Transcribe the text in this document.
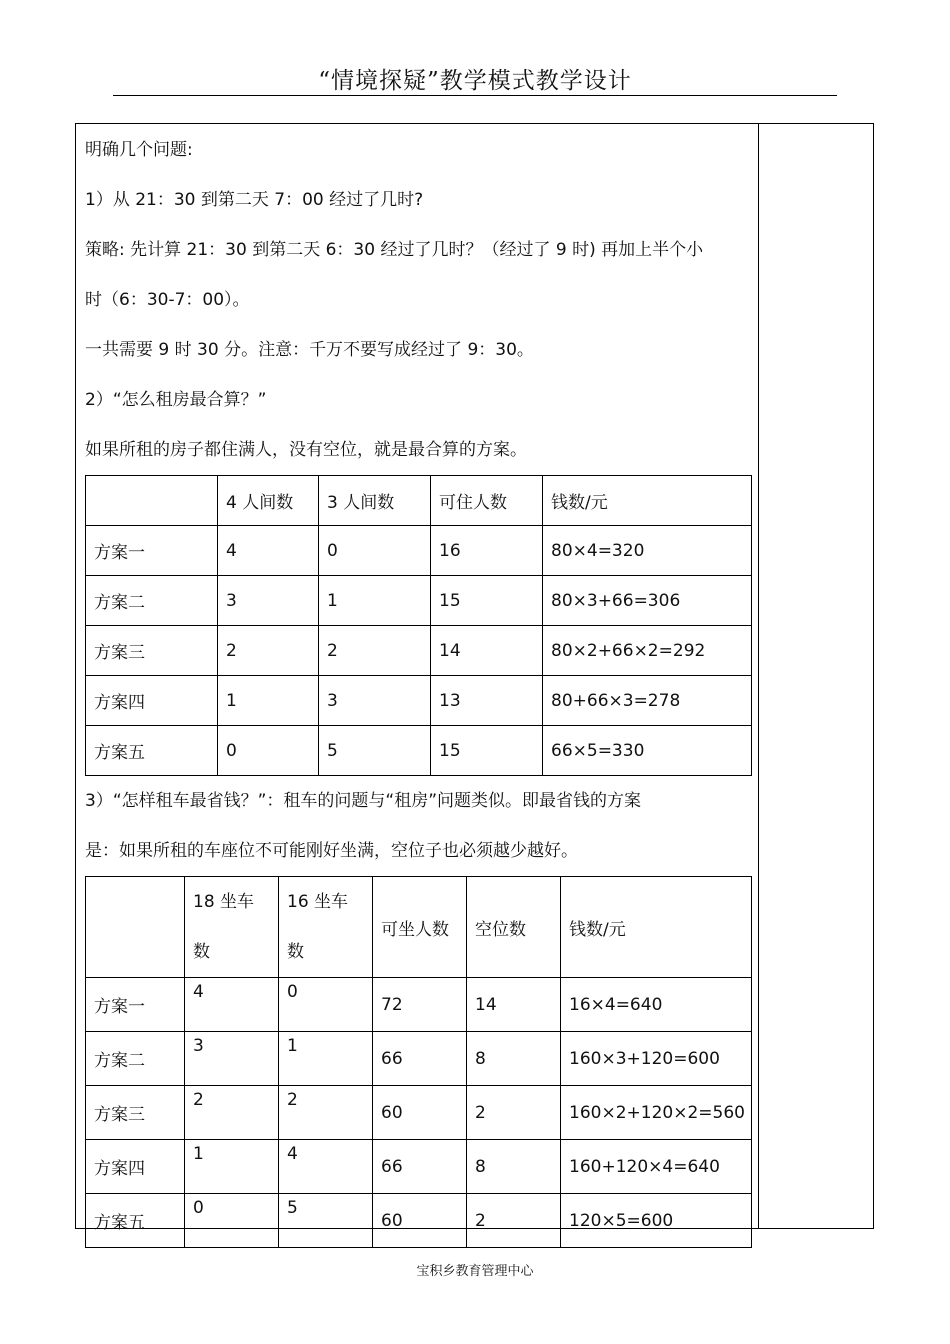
“情境探疑”教学模式教学设计
明确几个问题:
1）从 21：30 到第二天 7：00 经过了几时?
策略: 先计算 21：30 到第二天 6：30 经过了几时？（经过了 9 时) 再加上半个小
时（6：30-7：00）。
一共需要 9 时 30 分。注意：千万不要写成经过了 9：30。
2）“怎么租房最合算？”
如果所租的房子都住满人，没有空位，就是最合算的方案。
	4 人间数	3 人间数	可住人数	钱数/元
方案一	4	0	16	80×4=320
方案二	3	1	15	80×3+66=306
方案三	2	2	14	80×2+66×2=292
方案四	1	3	13	80+66×3=278
方案五	0	5	15	66×5=330
3）“怎样租车最省钱？”：租车的问题与“租房”问题类似。即最省钱的方案
是：如果所租的车座位不可能刚好坐满，空位子也必须越少越好。
	18 坐车数	16 坐车数	可坐人数	空位数	钱数/元
方案一	4	0	72	14	16×4=640
方案二	3	1	66	8	160×3+120=600
方案三	2	2	60	2	160×2+120×2=560
方案四	1	4	66	8	160+120×4=640
方案五	0	5	60	2	120×5=600
宝积乡教育管理中心
